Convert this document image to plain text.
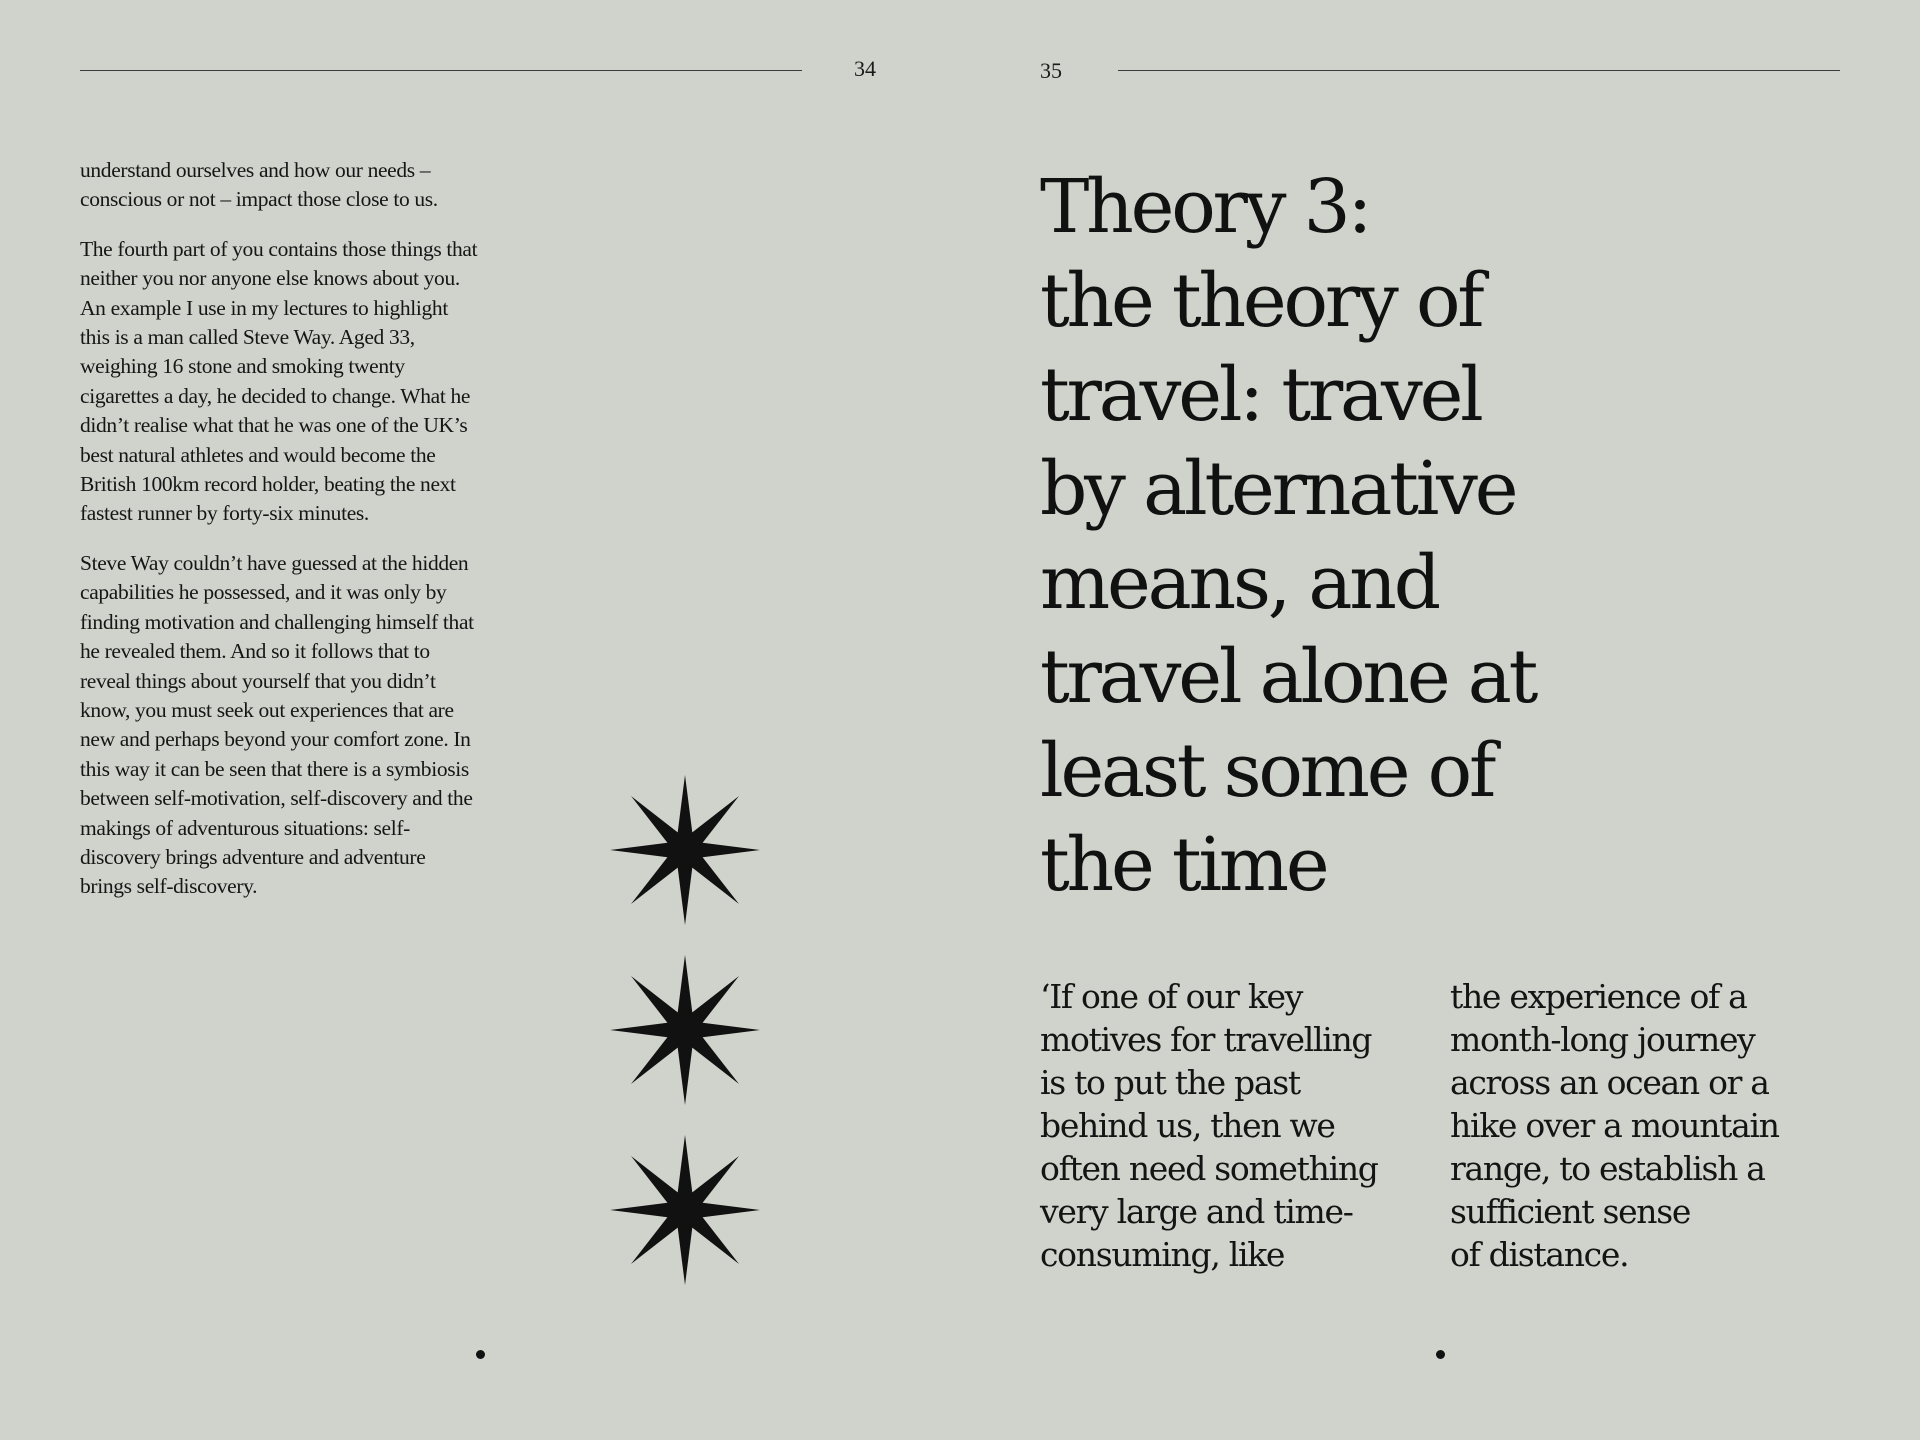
34	35

understand ourselves and how our needs – conscious or not – impact those close to us.

The fourth part of you contains those things that neither you nor anyone else knows about you. An example I use in my lectures to highlight this is a man called Steve Way. Aged 33, weighing 16 stone and smoking twenty cigarettes a day, he decided to change. What he didn’t realise what that he was one of the UK’s best natural athletes and would become the British 100km record holder, beating the next fastest runner by forty-six minutes.

Steve Way couldn’t have guessed at the hidden capabilities he possessed, and it was only by finding motivation and challenging himself that he revealed them. And so it follows that to reveal things about yourself that you didn’t know, you must seek out experiences that are new and perhaps beyond your comfort zone. In this way it can be seen that there is a symbiosis between self-motivation, self-discovery and the makings of adventurous situations: self-discovery brings adventure and adventure brings self-discovery.

Theory 3:
the theory of
travel: travel
by alternative
means, and
travel alone at
least some of
the time
‘If one of our key
motives for travelling
is to put the past
behind us, then we
often need something
very large and time-
consuming, like
the experience of a
month-long journey
across an ocean or a
hike over a mountain
range, to establish a
sufficient sense
of distance.
